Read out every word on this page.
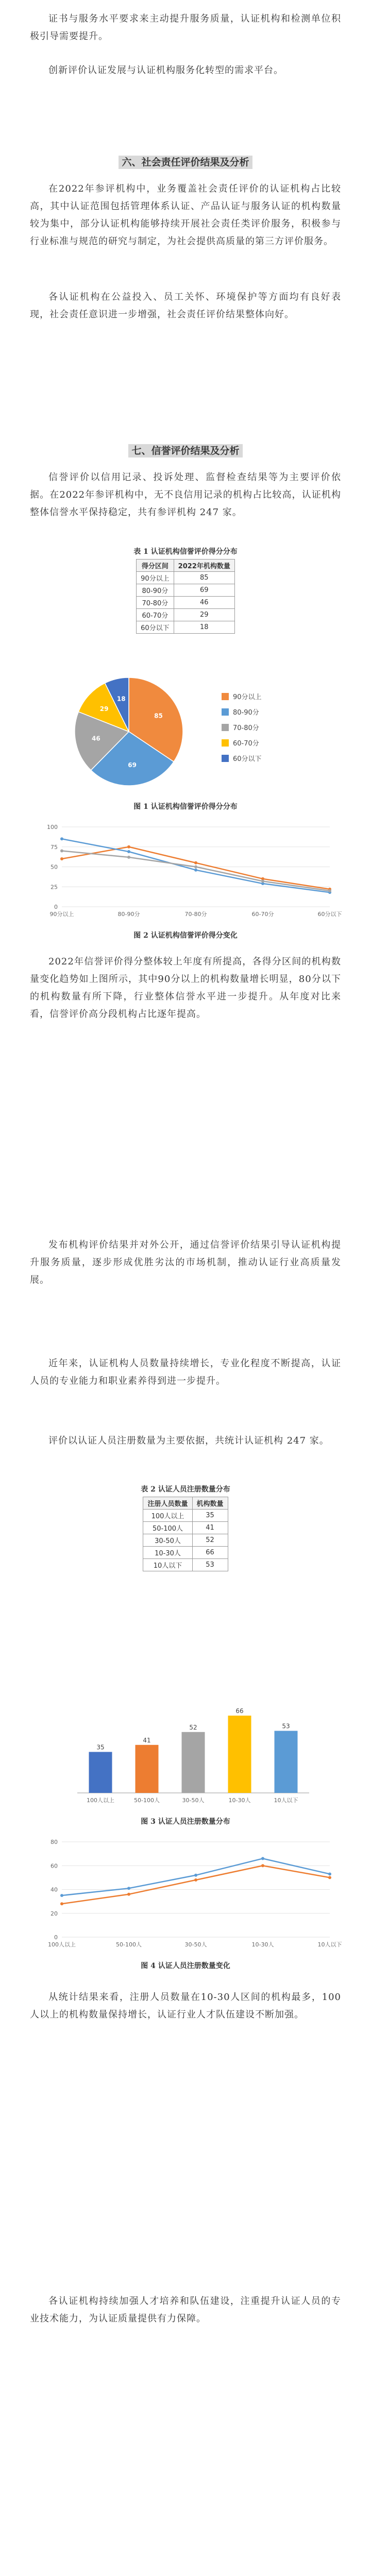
证书与服务水平要求来主动提升服务质量，认证机构和检测单位积极引导需要提升。

创新评价认证发展与认证机构服务化转型的需求平台。

六、社会责任评价结果及分析

在2022年参评机构中，业务覆盖社会责任评价的认证机构占比较高，其中认证范围包括管理体系认证、产品认证与服务认证的机构数量较为集中，部分认证机构能够持续开展社会责任类评价服务，积极参与行业标准与规范的研究与制定，为社会提供高质量的第三方评价服务。

各认证机构在公益投入、员工关怀、环境保护等方面均有良好表现，社会责任意识进一步增强，社会责任评价结果整体向好。

七、信誉评价结果及分析

信誉评价以信用记录、投诉处理、监督检查结果等为主要评价依据。在2022年参评机构中，无不良信用记录的机构占比较高，认证机构整体信誉水平保持稳定，共有参评机构 247 家。

表 1 认证机构信誉评价得分分布
得分区间	2022年机构数量
90分以上	85
80-90分	69
70-80分	46
60-70分	29
60分以下	18
85
69
46
29
18	90分以上
80-90分
70-80分
60-70分
60分以下
图 1 认证机构信誉评价得分分布
0
25
50
75
100
90分以上	80-90分	70-80分	60-70分	60分以下
图 2 认证机构信誉评价得分变化

2022年信誉评价得分整体较上年度有所提高，各得分区间的机构数量变化趋势如上图所示，其中90分以上的机构数量增长明显，80分以下的机构数量有所下降，行业整体信誉水平进一步提升。从年度对比来看，信誉评价高分段机构占比逐年提高。

发布机构评价结果并对外公开，通过信誉评价结果引导认证机构提升服务质量，逐步形成优胜劣汰的市场机制，推动认证行业高质量发展。

近年来，认证机构人员数量持续增长，专业化程度不断提高，认证人员的专业能力和职业素养得到进一步提升。

评价以认证人员注册数量为主要依据，共统计认证机构 247 家。

表 2 认证人员注册数量分布
注册人员数量	机构数量
100人以上	35
50-100人	41
30-50人	52
10-30人	66
10人以下	53
35
100人以上
41
50-100人
52
30-50人
66
10-30人
53
10人以下
图 3 认证人员注册数量分布
0
20
40
60
80
100人以上	50-100人	30-50人	10-30人	10人以下
图 4 认证人员注册数量变化

从统计结果来看，注册人员数量在10-30人区间的机构最多，100人以上的机构数量保持增长，认证行业人才队伍建设不断加强。

各认证机构持续加强人才培养和队伍建设，注重提升认证人员的专业技术能力，为认证质量提供有力保障。
